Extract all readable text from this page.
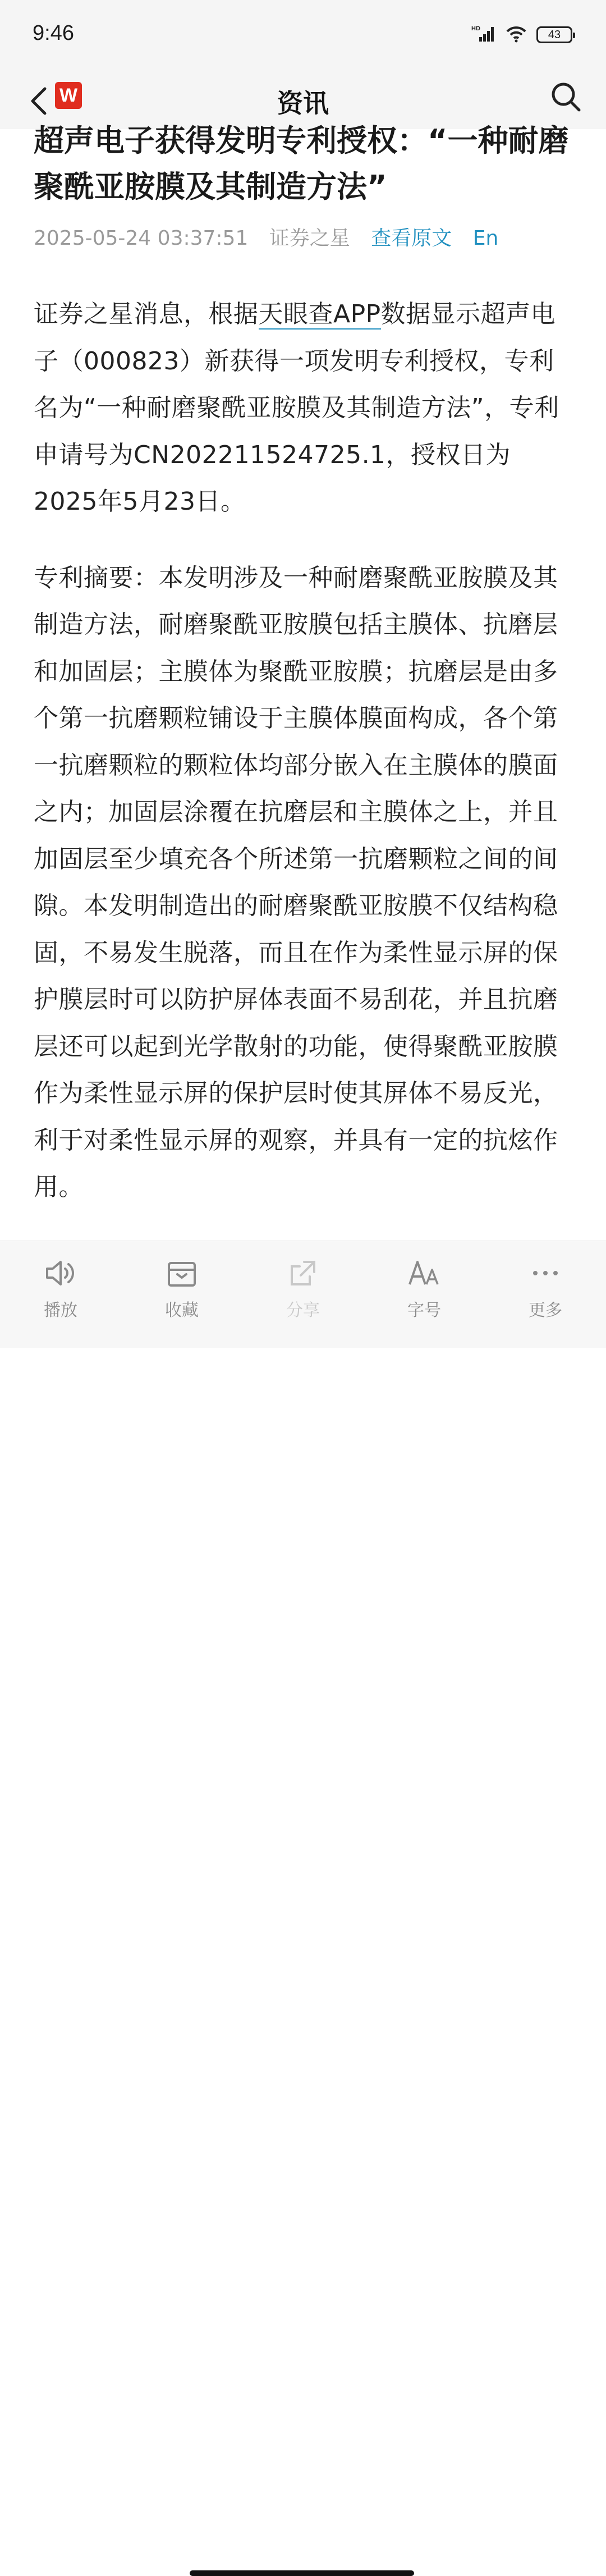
9:46	HD	43
W	资讯
超声电子获得发明专利授权：“一种耐磨聚酰亚胺膜及其制造方法”
2025-05-24 03:37:51 证券之星 查看原文 En

证券之星消息，根据天眼查APP数据显示超声电子（000823）新获得一项发明专利授权，专利名为“一种耐磨聚酰亚胺膜及其制造方法”，专利申请号为CN202211524725.1，授权日为2025年5月23日。

专利摘要：本发明涉及一种耐磨聚酰亚胺膜及其制造方法，耐磨聚酰亚胺膜包括主膜体、抗磨层和加固层；主膜体为聚酰亚胺膜；抗磨层是由多个第一抗磨颗粒铺设于主膜体膜面构成，各个第一抗磨颗粒的颗粒体均部分嵌入在主膜体的膜面之内；加固层涂覆在抗磨层和主膜体之上，并且加固层至少填充各个所述第一抗磨颗粒之间的间隙。本发明制造出的耐磨聚酰亚胺膜不仅结构稳固，不易发生脱落，而且在作为柔性显示屏的保护膜层时可以防护屏体表面不易刮花，并且抗磨层还可以起到光学散射的功能，使得聚酰亚胺膜作为柔性显示屏的保护层时使其屏体不易反光，利于对柔性显示屏的观察，并具有一定的抗炫作用。

播放	收藏	分享	字号	更多
